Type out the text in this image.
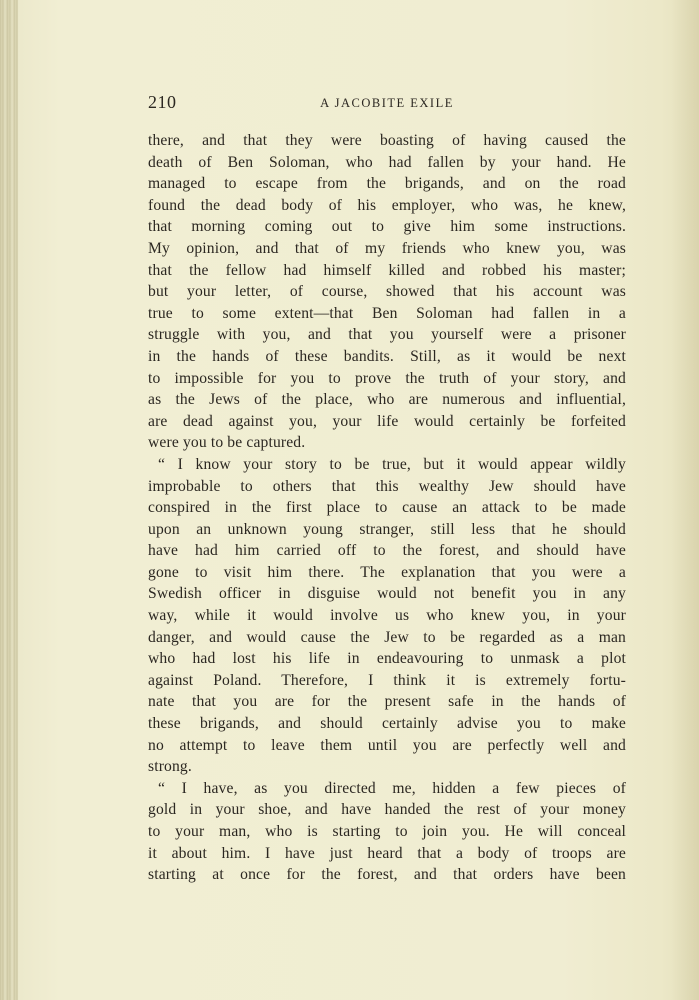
210	A JACOBITE EXILE
there, and that they were boasting of having caused the
death of Ben Soloman, who had fallen by your hand. He
managed to escape from the brigands, and on the road
found the dead body of his employer, who was, he knew,
that morning coming out to give him some instructions.
My opinion, and that of my friends who knew you, was
that the fellow had himself killed and robbed his master;
but your letter, of course, showed that his account was
true to some extent—that Ben Soloman had fallen in a
struggle with you, and that you yourself were a prisoner
in the hands of these bandits. Still, as it would be next
to impossible for you to prove the truth of your story, and
as the Jews of the place, who are numerous and influential,
are dead against you, your life would certainly be forfeited
were you to be captured.
“ I know your story to be true, but it would appear wildly
improbable to others that this wealthy Jew should have
conspired in the first place to cause an attack to be made
upon an unknown young stranger, still less that he should
have had him carried off to the forest, and should have
gone to visit him there. The explanation that you were a
Swedish officer in disguise would not benefit you in any
way, while it would involve us who knew you, in your
danger, and would cause the Jew to be regarded as a man
who had lost his life in endeavouring to unmask a plot
against Poland. Therefore, I think it is extremely fortu-
nate that you are for the present safe in the hands of
these brigands, and should certainly advise you to make
no attempt to leave them until you are perfectly well and
strong.
“ I have, as you directed me, hidden a few pieces of
gold in your shoe, and have handed the rest of your money
to your man, who is starting to join you. He will conceal
it about him. I have just heard that a body of troops are
starting at once for the forest, and that orders have been
